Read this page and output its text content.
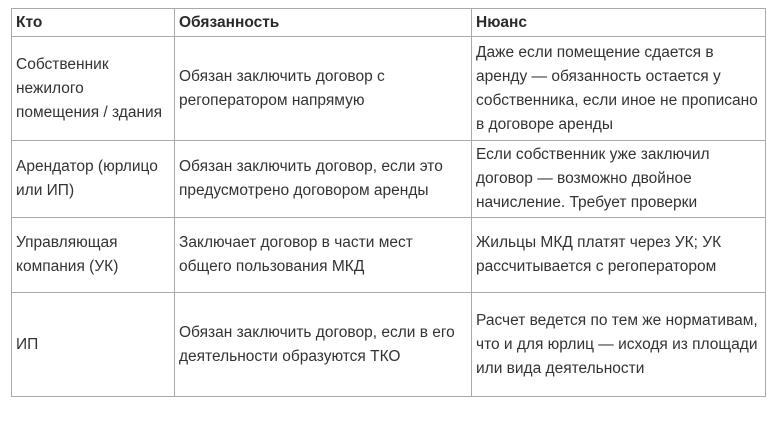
Кто	Обязанность	Нюанс
Собственник нежилого помещения / здания	Обязан заключить договор с регоператором напрямую	Даже если помещение сдается в аренду — обязанность остается у собственника, если иное не прописано в договоре аренды
Арендатор (юрлицо или ИП)	Обязан заключить договор, если это предусмотрено договором аренды	Если собственник уже заключил договор — возможно двойное начисление. Требует проверки
Управляющая компания (УК)	Заключает договор в части мест общего пользования МКД	Жильцы МКД платят через УК; УК рассчитывается с регоператором
ИП	Обязан заключить договор, если в его деятельности образуются ТКО	Расчет ведется по тем же нормативам, что и для юрлиц — исходя из площади или вида деятельности
